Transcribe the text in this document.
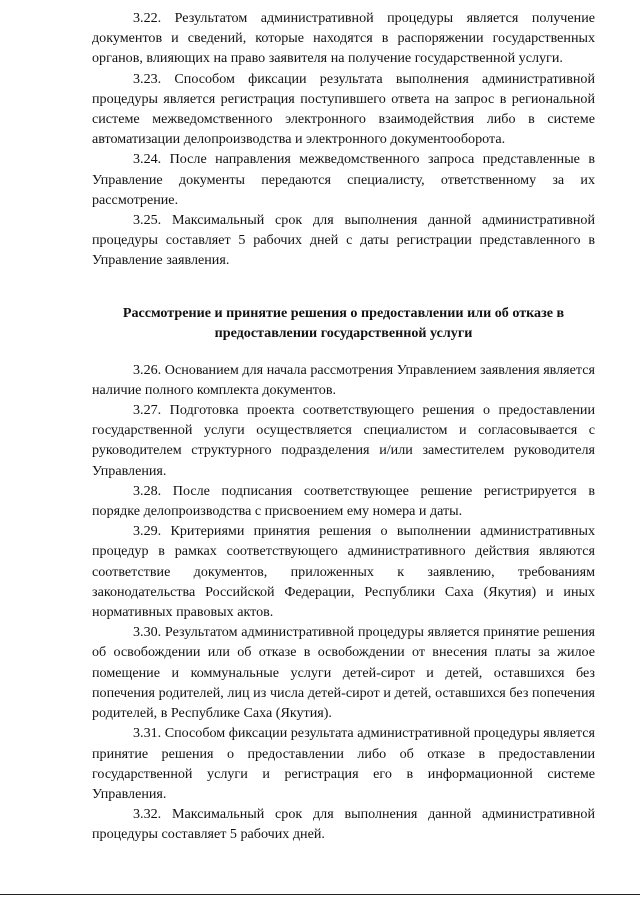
3.22. Результатом административной процедуры является получение документов и сведений, которые находятся в распоряжении государственных органов, влияющих на право заявителя на получение государственной услуги.

3.23. Способом фиксации результата выполнения административной процедуры является регистрация поступившего ответа на запрос в региональной системе межведомственного электронного взаимодействия либо в системе автоматизации делопроизводства и электронного документооборота.

3.24. После направления межведомственного запроса представленные в Управление документы передаются специалисту, ответственному за их рассмотрение.

3.25. Максимальный срок для выполнения данной административной процедуры составляет 5 рабочих дней с даты регистрации представленного в Управление заявления.

Рассмотрение и принятие решения о предоставлении или об отказе в предоставлении государственной услуги

3.26. Основанием для начала рассмотрения Управлением заявления является наличие полного комплекта документов.

3.27. Подготовка проекта соответствующего решения о предоставлении государственной услуги осуществляется специалистом и согласовывается с руководителем структурного подразделения и/или заместителем руководителя Управления.

3.28. После подписания соответствующее решение регистрируется в порядке делопроизводства с присвоением ему номера и даты.

3.29. Критериями принятия решения о выполнении административных процедур в рамках соответствующего административного действия являются соответствие документов, приложенных к заявлению, требованиям законодательства Российской Федерации, Республики Саха (Якутия) и иных нормативных правовых актов.

3.30. Результатом административной процедуры является принятие решения об освобождении или об отказе в освобождении от внесения платы за жилое помещение и коммунальные услуги детей-сирот и детей, оставшихся без попечения родителей, лиц из числа детей-сирот и детей, оставшихся без попечения родителей, в Республике Саха (Якутия).

3.31. Способом фиксации результата административной процедуры является принятие решения о предоставлении либо об отказе в предоставлении государственной услуги и регистрация его в информационной системе Управления.

3.32. Максимальный срок для выполнения данной административной процедуры составляет 5 рабочих дней.
